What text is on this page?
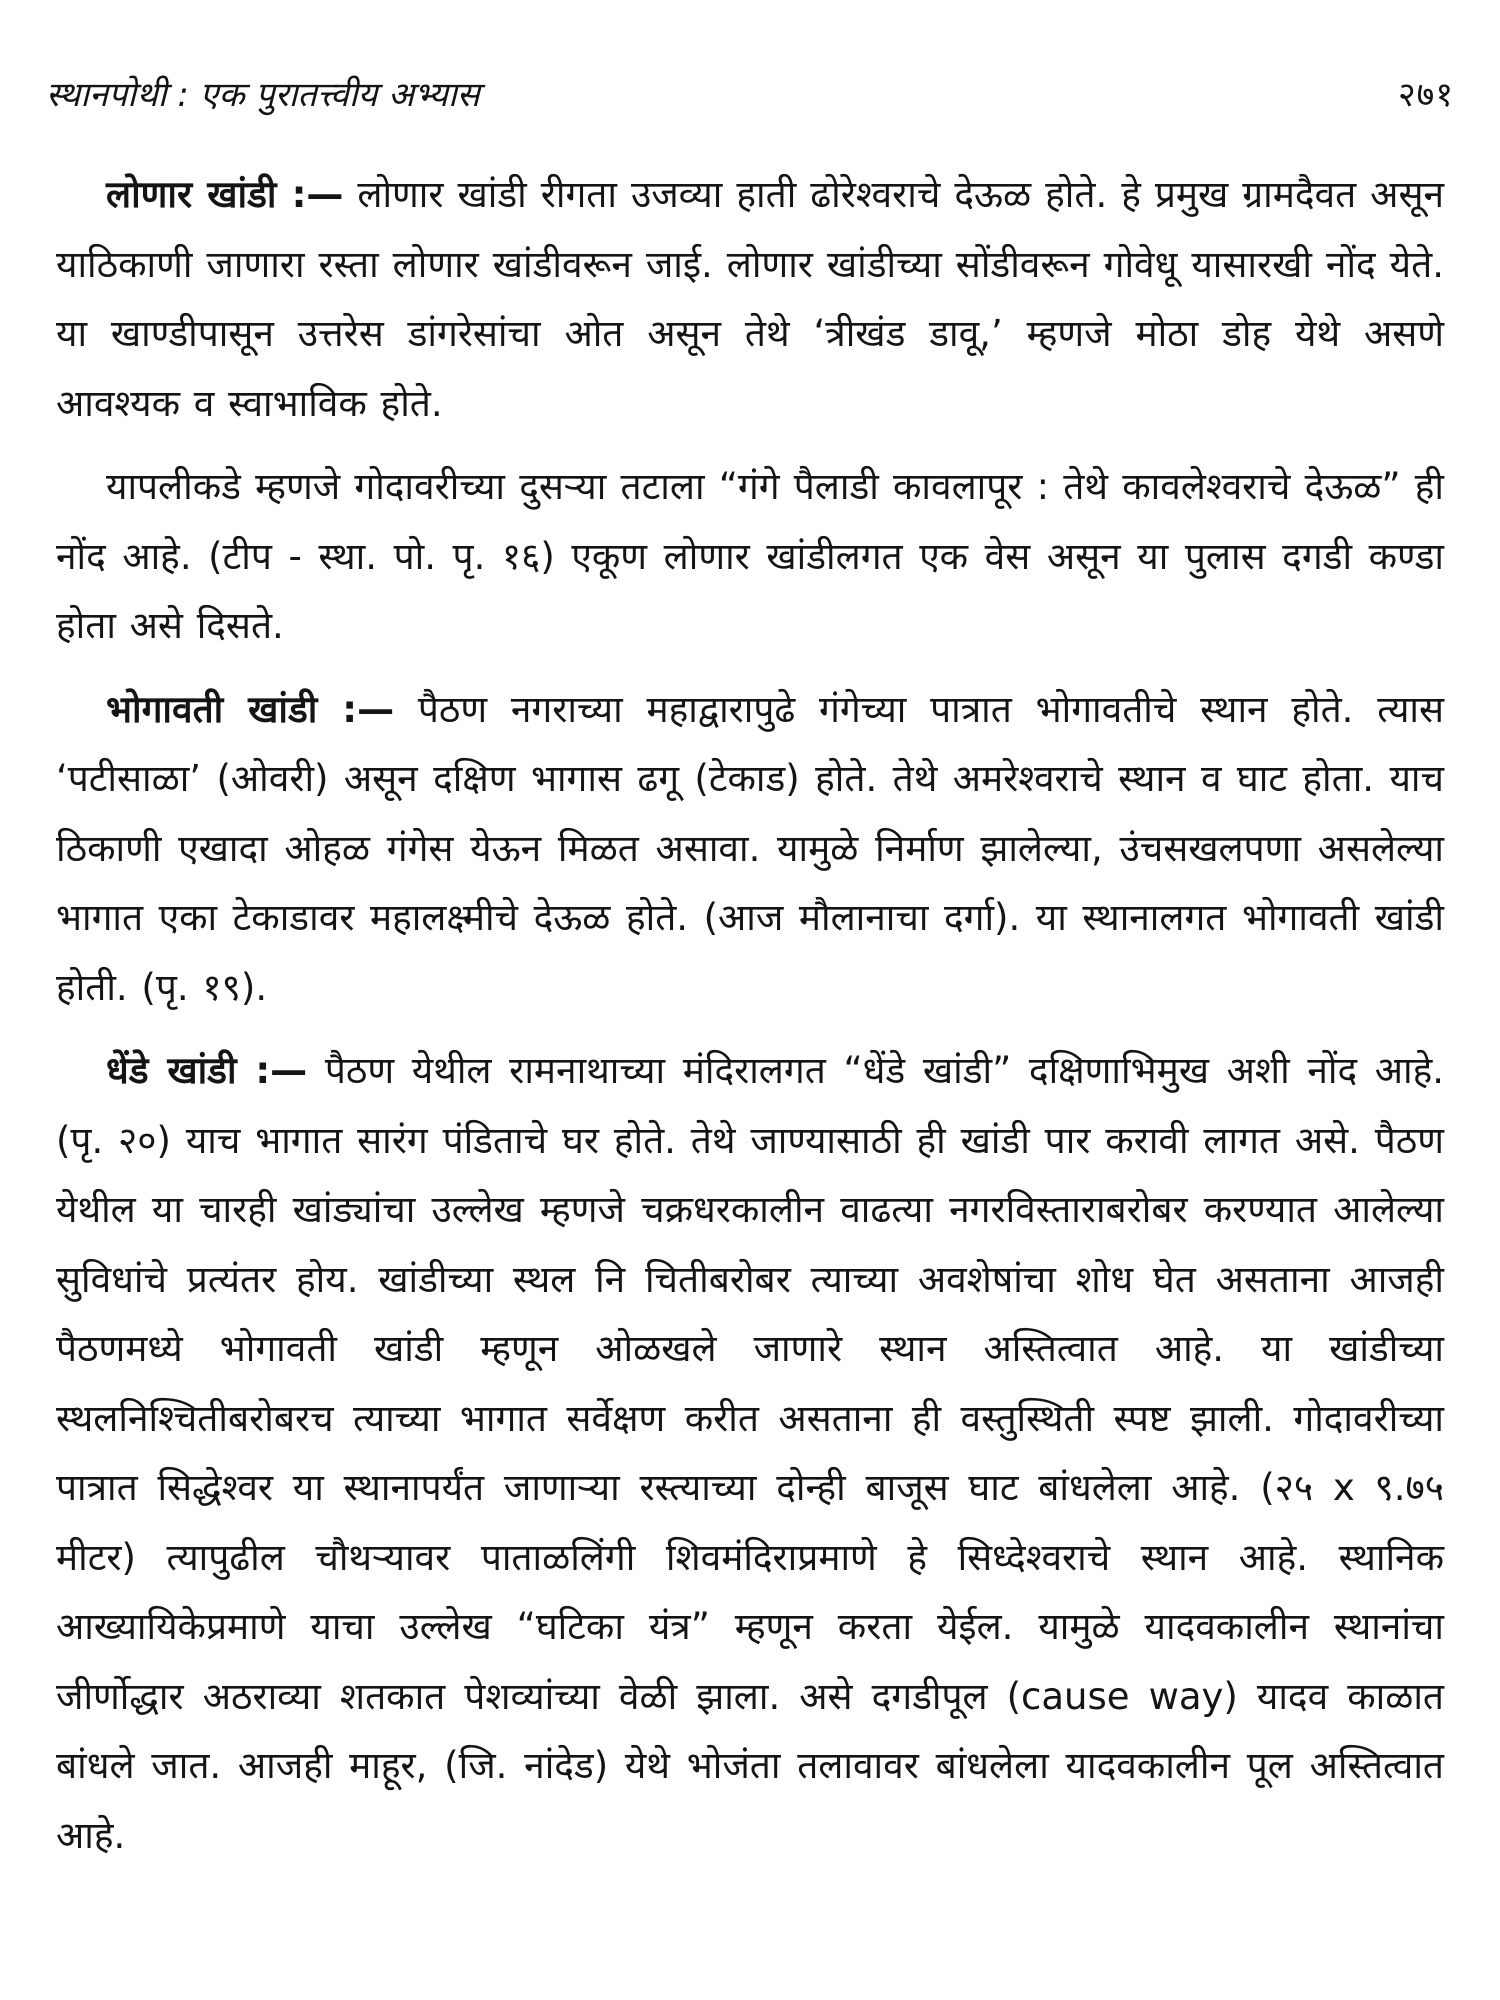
स्थानपोथी : एक पुरातत्त्वीय अभ्यास	२७१

लोणार खांडी :— लोणार खांडी रीगता उजव्या हाती ढोरेश्वराचे देऊळ होते. हे प्रमुख ग्रामदैवत असून याठिकाणी जाणारा रस्ता लोणार खांडीवरून जाई. लोणार खांडीच्या सोंडीवरून गोवेधू यासारखी नोंद येते. या खाण्डीपासून उत्तरेस डांगरेसांचा ओत असून तेथे ‘त्रीखंड डावू,’ म्हणजे मोठा डोह येथे असणे आवश्यक व स्वाभाविक होते.

यापलीकडे म्हणजे गोदावरीच्या दुसऱ्या तटाला “गंगे पैलाडी कावलापूर : तेथे कावलेश्वराचे देऊळ” ही नोंद आहे. (टीप - स्था. पो. पृ. १६) एकूण लोणार खांडीलगत एक वेस असून या पुलास दगडी कण्डा होता असे दिसते.

भोगावती खांडी :— पैठण नगराच्या महाद्वारापुढे गंगेच्या पात्रात भोगावतीचे स्थान होते. त्यास ‘पटीसाळा’ (ओवरी) असून दक्षिण भागास ढगू (टेकाड) होते. तेथे अमरेश्वराचे स्थान व घाट होता. याच ठिकाणी एखादा ओहळ गंगेस येऊन मिळत असावा. यामुळे निर्माण झालेल्या, उंचसखलपणा असलेल्या भागात एका टेकाडावर महालक्ष्मीचे देऊळ होते. (आज मौलानाचा दर्गा). या स्थानालगत भोगावती खांडी होती. (पृ. १९).

धेंडे खांडी :— पैठण येथील रामनाथाच्या मंदिरालगत “धेंडे खांडी” दक्षिणाभिमुख अशी नोंद आहे. (पृ. २०) याच भागात सारंग पंडिताचे घर होते. तेथे जाण्यासाठी ही खांडी पार करावी लागत असे. पैठण येथील या चारही खांड्यांचा उल्लेख म्हणजे चक्रधरकालीन वाढत्या नगरविस्ताराबरोबर करण्यात आलेल्या सुविधांचे प्रत्यंतर होय. खांडीच्या स्थल नि चितीबरोबर त्याच्या अवशेषांचा शोध घेत असताना आजही पैठणमध्ये भोगावती खांडी म्हणून ओळखले जाणारे स्थान अस्तित्वात आहे. या खांडीच्या स्थलनिश्चितीबरोबरच त्याच्या भागात सर्वेक्षण करीत असताना ही वस्तुस्थिती स्पष्ट झाली. गोदावरीच्या पात्रात सिद्धेश्वर या स्थानापर्यंत जाणाऱ्या रस्त्याच्या दोन्ही बाजूस घाट बांधलेला आहे. (२५ x ९.७५ मीटर) त्यापुढील चौथऱ्यावर पाताळलिंगी शिवमंदिराप्रमाणे हे सिध्देश्वराचे स्थान आहे. स्थानिक आख्यायिकेप्रमाणे याचा उल्लेख “घटिका यंत्र” म्हणून करता येईल. यामुळे यादवकालीन स्थानांचा जीर्णोद्धार अठराव्या शतकात पेशव्यांच्या वेळी झाला. असे दगडीपूल (cause way) यादव काळात बांधले जात. आजही माहूर, (जि. नांदेड) येथे भोजंता तलावावर बांधलेला यादवकालीन पूल अस्तित्वात आहे.
